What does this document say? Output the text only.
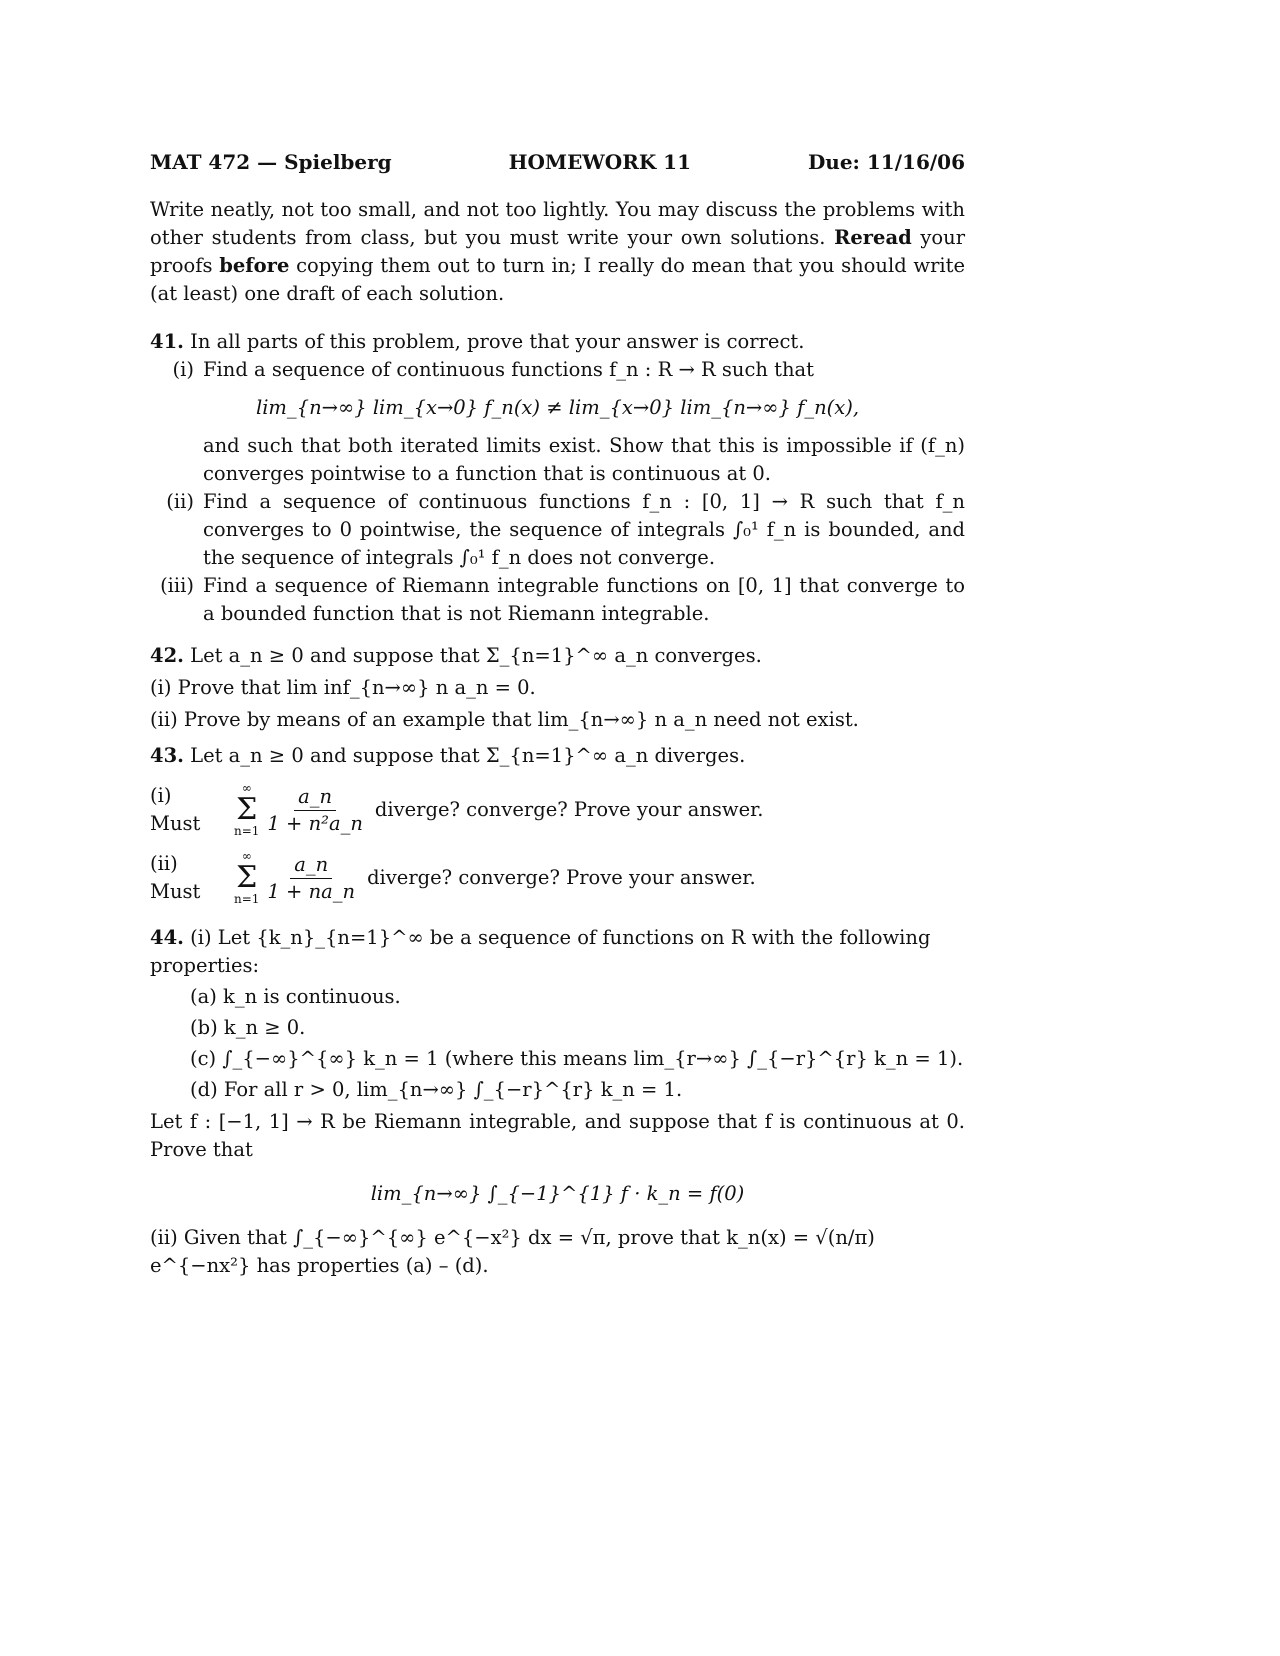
MAT 472 — Spielberg	HOMEWORK 11	Due: 11/16/06

Write neatly, not too small, and not too lightly. You may discuss the problems with other students from class, but you must write your own solutions. Reread your proofs before copying them out to turn in; I really do mean that you should write (at least) one draft of each solution.

41. In all parts of this problem, prove that your answer is correct.
(i) Find a sequence of continuous functions f_n : R → R such that
lim_{n→∞} lim_{x→0} f_n(x) ≠ lim_{x→0} lim_{n→∞} f_n(x),
and such that both iterated limits exist. Show that this is impossible if (f_n) converges pointwise to a function that is continuous at 0.
(ii) Find a sequence of continuous functions f_n : [0, 1] → R such that f_n converges to 0 pointwise, the sequence of integrals ∫₀¹ f_n is bounded, and the sequence of integrals ∫₀¹ f_n does not converge.
(iii) Find a sequence of Riemann integrable functions on [0, 1] that converge to a bounded function that is not Riemann integrable.
42. Let a_n ≥ 0 and suppose that Σ_{n=1}^∞ a_n converges.
(i) Prove that lim inf_{n→∞} n a_n = 0.
(ii) Prove by means of an example that lim_{n→∞} n a_n need not exist.
43. Let a_n ≥ 0 and suppose that Σ_{n=1}^∞ a_n diverges.
(i) Must
∞
Σ
$n=1 \frac{a\_n}{\text{1 + n²a\_n}}$ diverge? converge? Prove your answer.
(ii) Must
∞
Σ
$n=1 \frac{a\_n}{1 + na\_n}$ diverge? converge? Prove your answer.
44. (i) Let {k_n}_{n=1}^∞ be a sequence of functions on R with the following properties:
(a) k_n is continuous.
(b) k_n ≥ 0.
(c) ∫_{−∞}^{∞} k_n = 1 (where this means lim_{r→∞} ∫_{−r}^{r} k_n = 1).
(d) For all r > 0, lim_{n→∞} ∫_{−r}^{r} k_n = 1.
Let f : [−1, 1] → R be Riemann integrable, and suppose that f is continuous at 0. Prove that
lim_{n→∞} ∫_{−1}^{1} f · k_n = f(0)
(ii) Given that ∫_{−∞}^{∞} e^{−x²} dx = √π, prove that k_n(x) = √(n/π) e^{−nx²} has properties (a) – (d).
